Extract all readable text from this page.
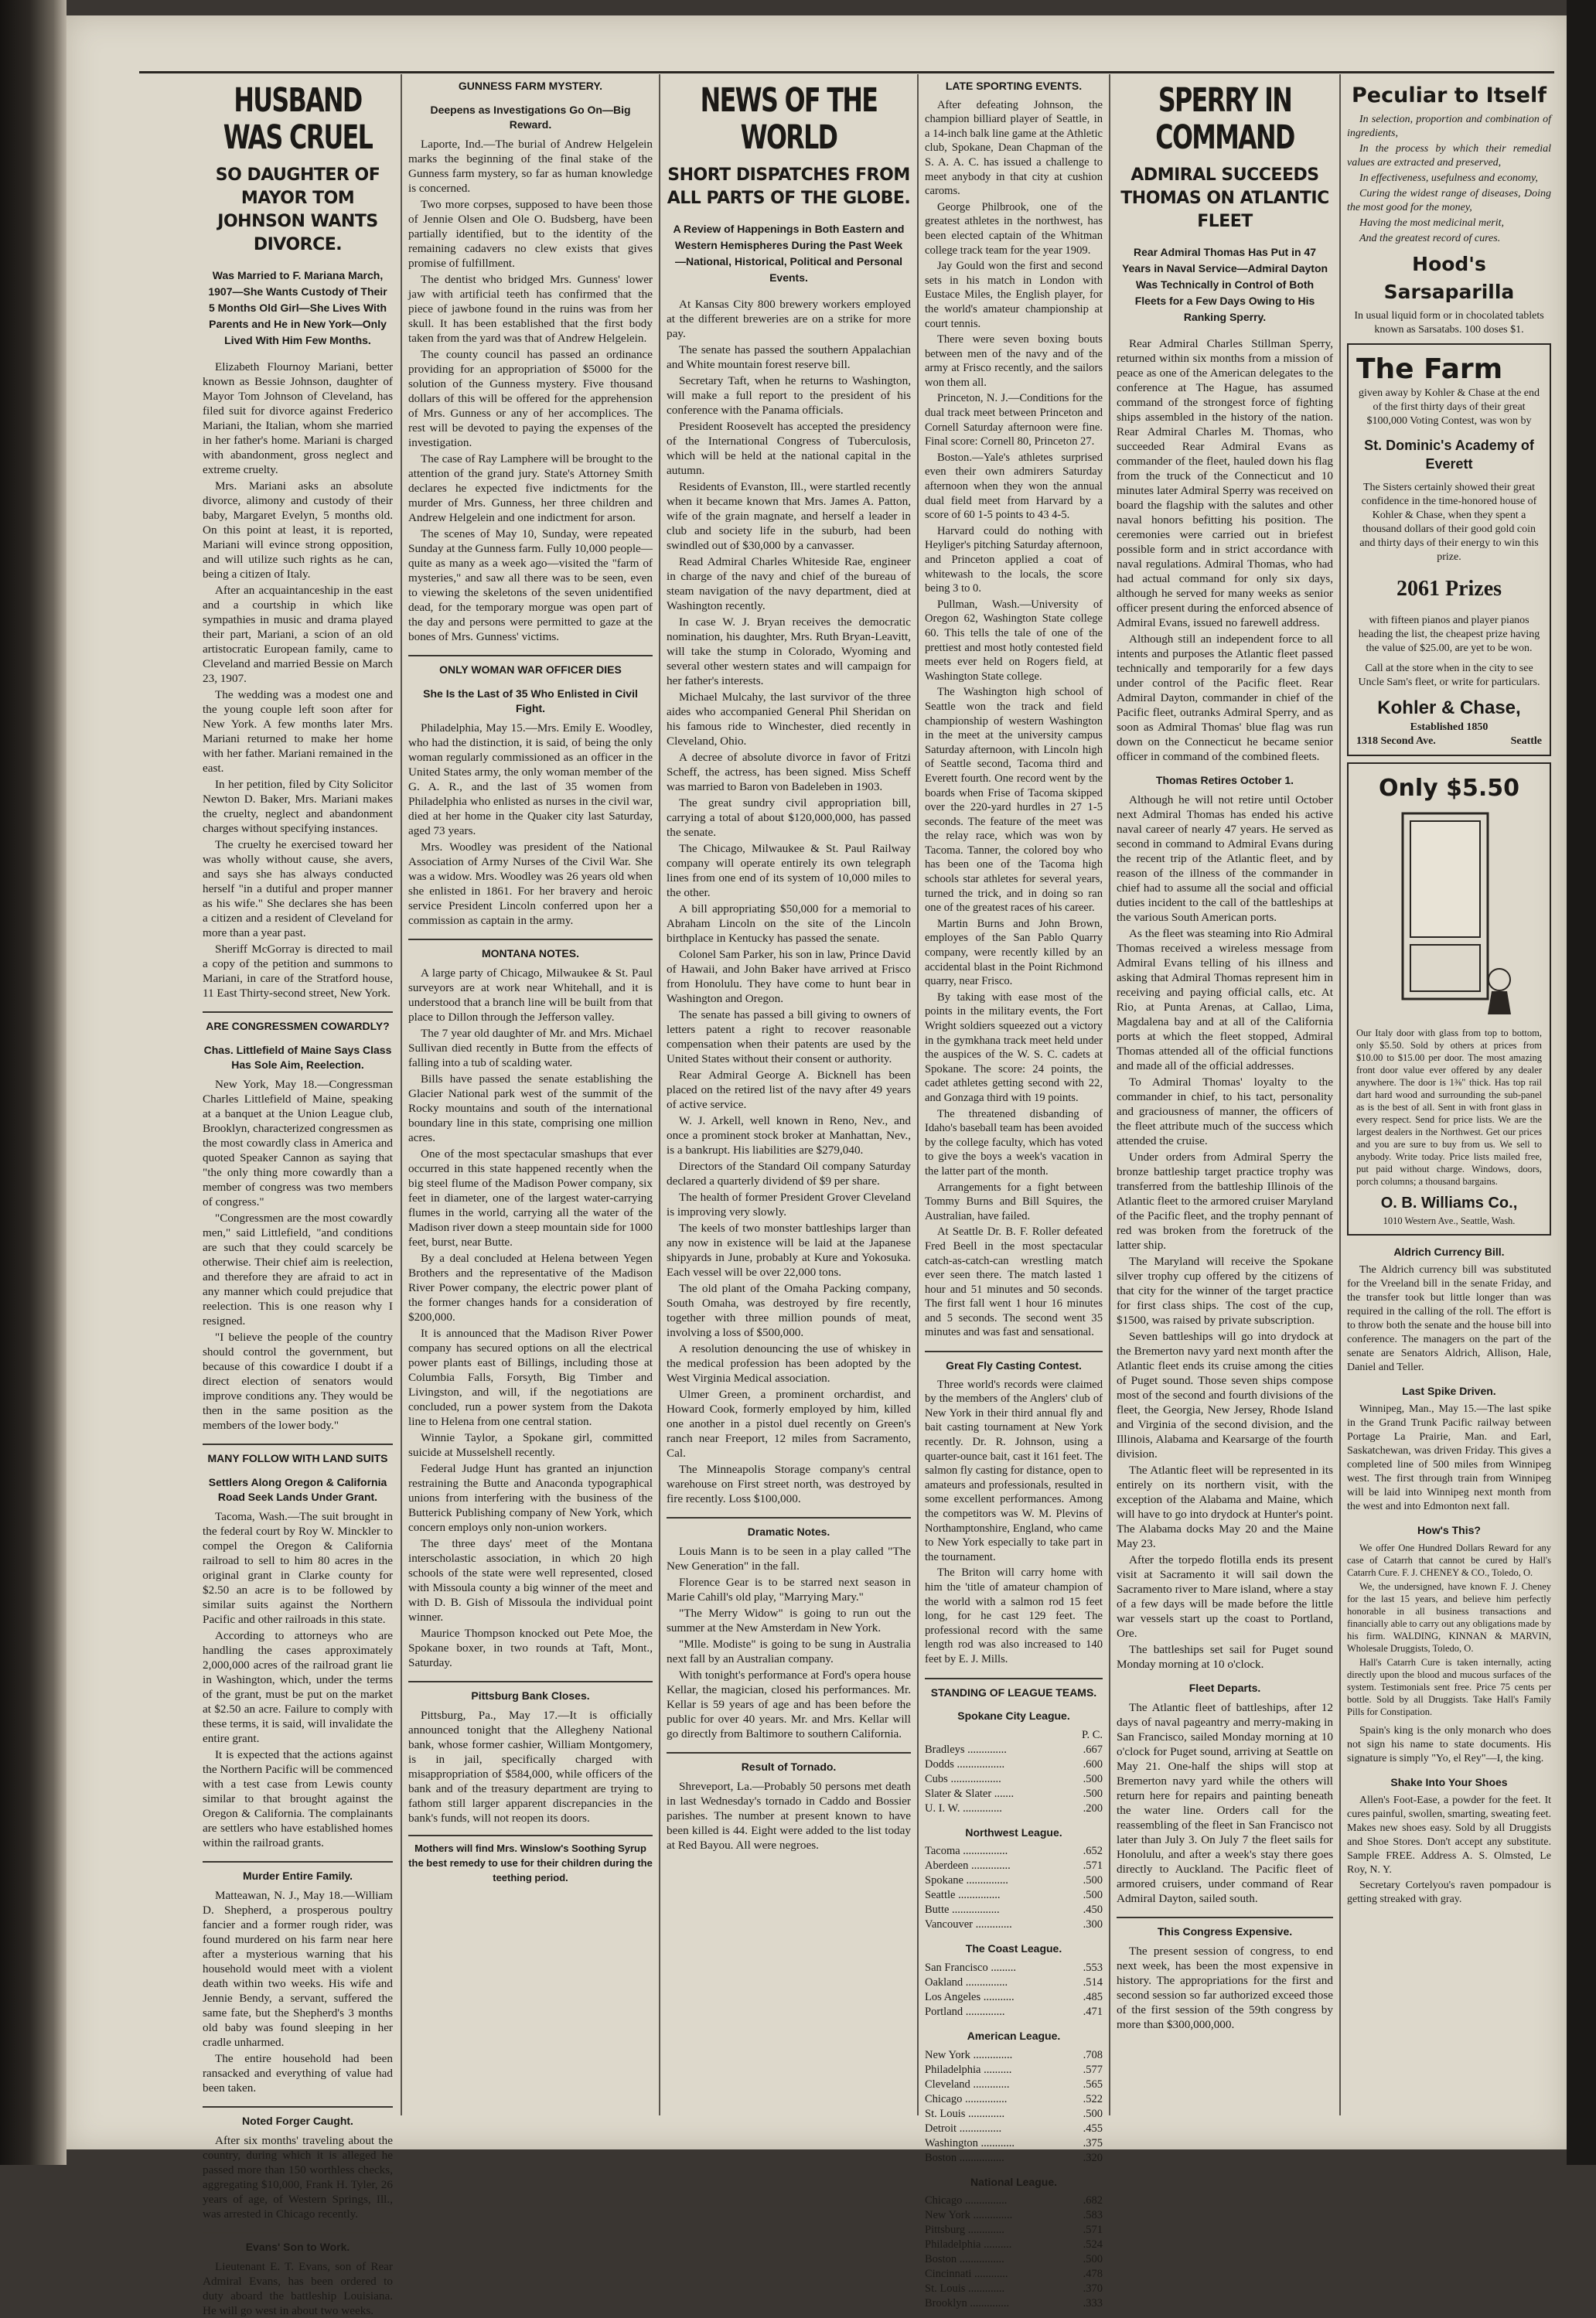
HUSBAND WAS CRUEL
SO DAUGHTER OF MAYOR TOM JOHNSON WANTS DIVORCE.
Was Married to F. Mariana March, 1907—She Wants Custody of Their 5 Months Old Girl—She Lives With Parents and He in New York—Only Lived With Him Few Months.

Elizabeth Flournoy Mariani, better known as Bessie Johnson, daughter of Mayor Tom Johnson of Cleveland, has filed suit for divorce against Frederico Mariani, the Italian, whom she married in her father's home. Mariani is charged with abandonment, gross neglect and extreme cruelty.

Mrs. Mariani asks an absolute divorce, alimony and custody of their baby, Margaret Evelyn, 5 months old. On this point at least, it is reported, Mariani will evince strong opposition, and will utilize such rights as he can, being a citizen of Italy.

After an acquaintanceship in the east and a courtship in which like sympathies in music and drama played their part, Mariani, a scion of an old artistocratic European family, came to Cleveland and married Bessie on March 23, 1907.

The wedding was a modest one and the young couple left soon after for New York. A few months later Mrs. Mariani returned to make her home with her father. Mariani remained in the east.

In her petition, filed by City Solicitor Newton D. Baker, Mrs. Mariani makes the cruelty, neglect and abandonment charges without specifying instances.

The cruelty he exercised toward her was wholly without cause, she avers, and says she has always conducted herself "in a dutiful and proper manner as his wife." She declares she has been a citizen and a resident of Cleveland for more than a year past.

Sheriff McGorray is directed to mail a copy of the petition and summons to Mariani, in care of the Stratford house, 11 East Thirty-second street, New York.

ARE CONGRESSMEN COWARDLY?
Chas. Littlefield of Maine Says Class Has Sole Aim, Reelection.

New York, May 18.—Congressman Charles Littlefield of Maine, speaking at a banquet at the Union League club, Brooklyn, characterized congressmen as the most cowardly class in America and quoted Speaker Cannon as saying that "the only thing more cowardly than a member of congress was two members of congress."

"Congressmen are the most cowardly men," said Littlefield, "and conditions are such that they could scarcely be otherwise. Their chief aim is reelection, and therefore they are afraid to act in any manner which could prejudice that reelection. This is one reason why I resigned.

"I believe the people of the country should control the government, but because of this cowardice I doubt if a direct election of senators would improve conditions any. They would be then in the same position as the members of the lower body."

MANY FOLLOW WITH LAND SUITS
Settlers Along Oregon & California Road Seek Lands Under Grant.

Tacoma, Wash.—The suit brought in the federal court by Roy W. Minckler to compel the Oregon & California railroad to sell to him 80 acres in the original grant in Clarke county for $2.50 an acre is to be followed by similar suits against the Northern Pacific and other railroads in this state.

According to attorneys who are handling the cases approximately 2,000,000 acres of the railroad grant lie in Washington, which, under the terms of the grant, must be put on the market at $2.50 an acre. Failure to comply with these terms, it is said, will invalidate the entire grant.

It is expected that the actions against the Northern Pacific will be commenced with a test case from Lewis county similar to that brought against the Oregon & California. The complainants are settlers who have established homes within the railroad grants.

Murder Entire Family.

Matteawan, N. J., May 18.—William D. Shepherd, a prosperous poultry fancier and a former rough rider, was found murdered on his farm near here after a mysterious warning that his household would meet with a violent death within two weeks. His wife and Jennie Bendy, a servant, suffered the same fate, but the Shepherd's 3 months old baby was found sleeping in her cradle unharmed.

The entire household had been ransacked and everything of value had been taken.

Noted Forger Caught.

After six months' traveling about the country, during which it is alleged he passed more than 150 worthless checks, aggregating $10,000, Frank H. Tyler, 26 years of age, of Western Springs, Ill., was arrested in Chicago recently.

Evans' Son to Work.

Lieutenant E. T. Evans, son of Rear Admiral Evans, has been ordered to duty aboard the battleship Louisiana. He will go west in about two weeks.

GUNNESS FARM MYSTERY.
Deepens as Investigations Go On—Big Reward.

Laporte, Ind.—The burial of Andrew Helgelein marks the beginning of the final stake of the Gunness farm mystery, so far as human knowledge is concerned.

Two more corpses, supposed to have been those of Jennie Olsen and Ole O. Budsberg, have been partially identified, but to the identity of the remaining cadavers no clew exists that gives promise of fulfillment.

The dentist who bridged Mrs. Gunness' lower jaw with artificial teeth has confirmed that the piece of jawbone found in the ruins was from her skull. It has been established that the first body taken from the yard was that of Andrew Helgelein.

The county council has passed an ordinance providing for an appropriation of $5000 for the solution of the Gunness mystery. Five thousand dollars of this will be offered for the apprehension of Mrs. Gunness or any of her accomplices. The rest will be devoted to paying the expenses of the investigation.

The case of Ray Lamphere will be brought to the attention of the grand jury. State's Attorney Smith declares he expected five indictments for the murder of Mrs. Gunness, her three children and Andrew Helgelein and one indictment for arson.

The scenes of May 10, Sunday, were repeated Sunday at the Gunness farm. Fully 10,000 people—quite as many as a week ago—visited the "farm of mysteries," and saw all there was to be seen, even to viewing the skeletons of the seven unidentified dead, for the temporary morgue was open part of the day and persons were permitted to gaze at the bones of Mrs. Gunness' victims.

ONLY WOMAN WAR OFFICER DIES
She Is the Last of 35 Who Enlisted in Civil Fight.

Philadelphia, May 15.—Mrs. Emily E. Woodley, who had the distinction, it is said, of being the only woman regularly commissioned as an officer in the United States army, the only woman member of the G. A. R., and the last of 35 women from Philadelphia who enlisted as nurses in the civil war, died at her home in the Quaker city last Saturday, aged 73 years.

Mrs. Woodley was president of the National Association of Army Nurses of the Civil War. She was a widow. Mrs. Woodley was 26 years old when she enlisted in 1861. For her bravery and heroic service President Lincoln conferred upon her a commission as captain in the army.

MONTANA NOTES.

A large party of Chicago, Milwaukee & St. Paul surveyors are at work near Whitehall, and it is understood that a branch line will be built from that place to Dillon through the Jefferson valley.

The 7 year old daughter of Mr. and Mrs. Michael Sullivan died recently in Butte from the effects of falling into a tub of scalding water.

Bills have passed the senate establishing the Glacier National park west of the summit of the Rocky mountains and south of the international boundary line in this state, comprising one million acres.

One of the most spectacular smashups that ever occurred in this state happened recently when the big steel flume of the Madison Power company, six feet in diameter, one of the largest water-carrying flumes in the world, carrying all the water of the Madison river down a steep mountain side for 1000 feet, burst, near Butte.

By a deal concluded at Helena between Yegen Brothers and the representative of the Madison River Power company, the electric power plant of the former changes hands for a consideration of $200,000.

It is announced that the Madison River Power company has secured options on all the electrical power plants east of Billings, including those at Columbia Falls, Forsyth, Big Timber and Livingston, and will, if the negotiations are concluded, run a power system from the Dakota line to Helena from one central station.

Winnie Taylor, a Spokane girl, committed suicide at Musselshell recently.

Federal Judge Hunt has granted an injunction restraining the Butte and Anaconda typographical unions from interfering with the business of the Butterick Publishing company of New York, which concern employs only non-union workers.

The three days' meet of the Montana interscholastic association, in which 20 high schools of the state were well represented, closed with Missoula county a big winner of the meet and with D. B. Gish of Missoula the individual point winner.

Maurice Thompson knocked out Pete Moe, the Spokane boxer, in two rounds at Taft, Mont., Saturday.

Pittsburg Bank Closes.

Pittsburg, Pa., May 17.—It is officially announced tonight that the Allegheny National bank, whose former cashier, William Montgomery, is in jail, specifically charged with misappropriation of $584,000, while officers of the bank and of the treasury department are trying to fathom still larger apparent discrepancies in the bank's funds, will not reopen its doors.

Mothers will find Mrs. Winslow's Soothing Syrup the best remedy to use for their children during the teething period.
NEWS OF THE WORLD
SHORT DISPATCHES FROM ALL PARTS OF THE GLOBE.
A Review of Happenings in Both Eastern and Western Hemispheres During the Past Week—National, Historical, Political and Personal Events.

At Kansas City 800 brewery workers employed at the different breweries are on a strike for more pay.

The senate has passed the southern Appalachian and White mountain forest reserve bill.

Secretary Taft, when he returns to Washington, will make a full report to the president of his conference with the Panama officials.

President Roosevelt has accepted the presidency of the International Congress of Tuberculosis, which will be held at the national capital in the autumn.

Residents of Evanston, Ill., were startled recently when it became known that Mrs. James A. Patton, wife of the grain magnate, and herself a leader in club and society life in the suburb, had been swindled out of $30,000 by a canvasser.

Read Admiral Charles Whiteside Rae, engineer in charge of the navy and chief of the bureau of steam navigation of the navy department, died at Washington recently.

In case W. J. Bryan receives the democratic nomination, his daughter, Mrs. Ruth Bryan-Leavitt, will take the stump in Colorado, Wyoming and several other western states and will campaign for her father's interests.

Michael Mulcahy, the last survivor of the three aides who accompanied General Phil Sheridan on his famous ride to Winchester, died recently in Cleveland, Ohio.

A decree of absolute divorce in favor of Fritzi Scheff, the actress, has been signed. Miss Scheff was married to Baron von Badeleben in 1903.

The great sundry civil appropriation bill, carrying a total of about $120,000,000, has passed the senate.

The Chicago, Milwaukee & St. Paul Railway company will operate entirely its own telegraph lines from one end of its system of 10,000 miles to the other.

A bill appropriating $50,000 for a memorial to Abraham Lincoln on the site of the Lincoln birthplace in Kentucky has passed the senate.

Colonel Sam Parker, his son in law, Prince David of Hawaii, and John Baker have arrived at Frisco from Honolulu. They have come to hunt bear in Washington and Oregon.

The senate has passed a bill giving to owners of letters patent a right to recover reasonable compensation when their patents are used by the United States without their consent or authority.

Rear Admiral George A. Bicknell has been placed on the retired list of the navy after 49 years of active service.

W. J. Arkell, well known in Reno, Nev., and once a prominent stock broker at Manhattan, Nev., is a bankrupt. His liabilities are $279,040.

Directors of the Standard Oil company Saturday declared a quarterly dividend of $9 per share.

The health of former President Grover Cleveland is improving very slowly.

The keels of two monster battleships larger than any now in existence will be laid at the Japanese shipyards in June, probably at Kure and Yokosuka. Each vessel will be over 22,000 tons.

The old plant of the Omaha Packing company, South Omaha, was destroyed by fire recently, together with three million pounds of meat, involving a loss of $500,000.

A resolution denouncing the use of whiskey in the medical profession has been adopted by the West Virginia Medical association.

Ulmer Green, a prominent orchardist, and Howard Cook, formerly employed by him, killed one another in a pistol duel recently on Green's ranch near Freeport, 12 miles from Sacramento, Cal.

The Minneapolis Storage company's central warehouse on First street north, was destroyed by fire recently. Loss $100,000.

Dramatic Notes.

Louis Mann is to be seen in a play called "The New Generation" in the fall.

Florence Gear is to be starred next season in Marie Cahill's old play, "Marrying Mary."

"The Merry Widow" is going to run out the summer at the New Amsterdam in New York.

"Mlle. Modiste" is going to be sung in Australia next fall by an Australian company.

With tonight's performance at Ford's opera house Kellar, the magician, closed his performances. Mr. Kellar is 59 years of age and has been before the public for over 40 years. Mr. and Mrs. Kellar will go directly from Baltimore to southern California.

Result of Tornado.

Shreveport, La.—Probably 50 persons met death in last Wednesday's tornado in Caddo and Bossier parishes. The number at present known to have been killed is 44. Eight were added to the list today at Red Bayou. All were negroes.

LATE SPORTING EVENTS.

After defeating Johnson, the champion billiard player of Seattle, in a 14-inch balk line game at the Athletic club, Spokane, Dean Chapman of the S. A. A. C. has issued a challenge to meet anybody in that city at cushion caroms.

George Philbrook, one of the greatest athletes in the northwest, has been elected captain of the Whitman college track team for the year 1909.

Jay Gould won the first and second sets in his match in London with Eustace Miles, the English player, for the world's amateur championship at court tennis.

There were seven boxing bouts between men of the navy and of the army at Frisco recently, and the sailors won them all.

Princeton, N. J.—Conditions for the dual track meet between Princeton and Cornell Saturday afternoon were fine. Final score: Cornell 80, Princeton 27.

Boston.—Yale's athletes surprised even their own admirers Saturday afternoon when they won the annual dual field meet from Harvard by a score of 60 1-5 points to 43 4-5.

Harvard could do nothing with Heyliger's pitching Saturday afternoon, and Princeton applied a coat of whitewash to the locals, the score being 3 to 0.

Pullman, Wash.—University of Oregon 62, Washington State college 60. This tells the tale of one of the prettiest and most hotly contested field meets ever held on Rogers field, at Washington State college.

The Washington high school of Seattle won the track and field championship of western Washington in the meet at the university campus Saturday afternoon, with Lincoln high of Seattle second, Tacoma third and Everett fourth. One record went by the boards when Frise of Tacoma skipped over the 220-yard hurdles in 27 1-5 seconds. The feature of the meet was the relay race, which was won by Tacoma. Tanner, the colored boy who has been one of the Tacoma high schools star athletes for several years, turned the trick, and in doing so ran one of the greatest races of his career.

Martin Burns and John Brown, employes of the San Pablo Quarry company, were recently killed by an accidental blast in the Point Richmond quarry, near Frisco.

By taking with ease most of the points in the military events, the Fort Wright soldiers squeezed out a victory in the gymkhana track meet held under the auspices of the W. S. C. cadets at Spokane. The score: 24 points, the cadet athletes getting second with 22, and Gonzaga third with 19 points.

The threatened disbanding of Idaho's baseball team has been avoided by the college faculty, which has voted to give the boys a week's vacation in the latter part of the month.

Arrangements for a fight between Tommy Burns and Bill Squires, the Australian, have failed.

At Seattle Dr. B. F. Roller defeated Fred Beell in the most spectacular catch-as-catch-can wrestling match ever seen there. The match lasted 1 hour and 51 minutes and 50 seconds. The first fall went 1 hour 16 minutes and 5 seconds. The second went 35 minutes and was fast and sensational.

Great Fly Casting Contest.

Three world's records were claimed by the members of the Anglers' club of New York in their third annual fly and bait casting tournament at New York recently. Dr. R. Johnson, using a quarter-ounce bait, cast it 161 feet. The salmon fly casting for distance, open to amateurs and professionals, resulted in some excellent performances. Among the competitors was W. M. Plevins of Northamptonshire, England, who came to New York especially to take part in the tournament.

The Briton will carry home with him the 'title of amateur champion of the world with a salmon rod 15 feet long, for he cast 129 feet. The professional record with the same length rod was also increased to 140 feet by E. J. Mills.

STANDING OF LEAGUE TEAMS.
Spokane City League.
	P. C.
Bradleys ..............	.667
Dodds .................	.600
Cubs ..................	.500
Slater & Slater .......	.500
U. I. W. ..............	.200
Northwest League.
Tacoma ................	.652
Aberdeen ..............	.571
Spokane ...............	.500
Seattle ...............	.500
Butte .................	.450
Vancouver .............	.300
The Coast League.
San Francisco .........	.553
Oakland ...............	.514
Los Angeles ...........	.485
Portland ..............	.471
American League.
New York ..............	.708
Philadelphia ..........	.577
Cleveland .............	.565
Chicago ...............	.522
St. Louis .............	.500
Detroit ...............	.455
Washington ............	.375
Boston ................	.320
National League.
Chicago ...............	.682
New York ..............	.583
Pittsburg .............	.571
Philadelphia ..........	.524
Boston ................	.500
Cincinnati ............	.478
St. Louis .............	.370
Brooklyn ..............	.333
SPERRY IN COMMAND
ADMIRAL SUCCEEDS THOMAS ON ATLANTIC FLEET
Rear Admiral Thomas Has Put in 47 Years in Naval Service—Admiral Dayton Was Technically in Control of Both Fleets for a Few Days Owing to His Ranking Sperry.

Rear Admiral Charles Stillman Sperry, returned within six months from a mission of peace as one of the American delegates to the conference at The Hague, has assumed command of the strongest force of fighting ships assembled in the history of the nation. Rear Admiral Charles M. Thomas, who succeeded Rear Admiral Evans as commander of the fleet, hauled down his flag from the truck of the Connecticut and 10 minutes later Admiral Sperry was received on board the flagship with the salutes and other naval honors befitting his position. The ceremonies were carried out in briefest possible form and in strict accordance with naval regulations. Admiral Thomas, who had had actual command for only six days, although he served for many weeks as senior officer present during the enforced absence of Admiral Evans, issued no farewell address.

Although still an independent force to all intents and purposes the Atlantic fleet passed technically and temporarily for a few days under control of the Pacific fleet. Rear Admiral Dayton, commander in chief of the Pacific fleet, outranks Admiral Sperry, and as soon as Admiral Thomas' blue flag was run down on the Connecticut he became senior officer in command of the combined fleets.

Thomas Retires October 1.

Although he will not retire until October next Admiral Thomas has ended his active naval career of nearly 47 years. He served as second in command to Admiral Evans during the recent trip of the Atlantic fleet, and by reason of the illness of the commander in chief had to assume all the social and official duties incident to the call of the battleships at the various South American ports.

As the fleet was steaming into Rio Admiral Thomas received a wireless message from Admiral Evans telling of his illness and asking that Admiral Thomas represent him in receiving and paying official calls, etc. At Rio, at Punta Arenas, at Callao, Lima, Magdalena bay and at all of the California ports at which the fleet stopped, Admiral Thomas attended all of the official functions and made all of the official addresses.

To Admiral Thomas' loyalty to the commander in chief, to his tact, personality and graciousness of manner, the officers of the fleet attribute much of the success which attended the cruise.

Under orders from Admiral Sperry the bronze battleship target practice trophy was transferred from the battleship Illinois of the Atlantic fleet to the armored cruiser Maryland of the Pacific fleet, and the trophy pennant of red was broken from the foretruck of the latter ship.

The Maryland will receive the Spokane silver trophy cup offered by the citizens of that city for the winner of the target practice for first class ships. The cost of the cup, $1500, was raised by private subscription.

Seven battleships will go into drydock at the Bremerton navy yard next month after the Atlantic fleet ends its cruise among the cities of Puget sound. Those seven ships compose most of the second and fourth divisions of the fleet, the Georgia, New Jersey, Rhode Island and Virginia of the second division, and the Illinois, Alabama and Kearsarge of the fourth division.

The Atlantic fleet will be represented in its entirely on its northern visit, with the exception of the Alabama and Maine, which will have to go into drydock at Hunter's point. The Alabama docks May 20 and the Maine May 23.

After the torpedo flotilla ends its present visit at Sacramento it will sail down the Sacramento river to Mare island, where a stay of a few days will be made before the little war vessels start up the coast to Portland, Ore.

The battleships set sail for Puget sound Monday morning at 10 o'clock.

Fleet Departs.

The Atlantic fleet of battleships, after 12 days of naval pageantry and merry-making in San Francisco, sailed Monday morning at 10 o'clock for Puget sound, arriving at Seattle on May 21. One-half the ships will stop at Bremerton navy yard while the others will return here for repairs and painting beneath the water line. Orders call for the reassembling of the fleet in San Francisco not later than July 3. On July 7 the fleet sails for Honolulu, and after a week's stay there goes directly to Auckland. The Pacific fleet of armored cruisers, under command of Rear Admiral Dayton, sailed south.

This Congress Expensive.

The present session of congress, to end next week, has been the most expensive in history. The appropriations for the first and second session so far authorized exceed those of the first session of the 59th congress by more than $300,000,000.

Peculiar to Itself

In selection, proportion and combination of ingredients,

In the process by which their remedial values are extracted and preserved,

In effectiveness, usefulness and economy,

Curing the widest range of diseases, Doing the most good for the money,

Having the most medicinal merit,

And the greatest record of cures.

Hood's Sarsaparilla
In usual liquid form or in chocolated tablets known as Sarsatabs. 100 doses $1.
The Farm
given away by Kohler & Chase at the end of the first thirty days of their great $100,000 Voting Contest, was won by
St. Dominic's Academy of Everett
The Sisters certainly showed their great confidence in the time-honored house of Kohler & Chase, when they spent a thousand dollars of their good gold coin and thirty days of their energy to win this prize.
2061 Prizes
with fifteen pianos and player pianos heading the list, the cheapest prize having the value of $25.00, are yet to be won.
Call at the store when in the city to see Uncle Sam's fleet, or write for particulars.
Kohler & Chase,
Established 1850
1318 Second Ave.	Seattle
Only $5.50
Our Italy door with glass from top to bottom, only $5.50. Sold by others at prices from $10.00 to $15.00 per door. The most amazing front door value ever offered by any dealer anywhere. The door is 1⅜" thick. Has top rail dart hard wood and surrounding the sub-panel as is the best of all. Sent in with front glass in every respect. Send for price lists. We are the largest dealers in the Northwest. Get our prices and you are sure to buy from us. We sell to anybody. Write today. Price lists mailed free, put paid without charge. Windows, doors, porch columns; a thousand bargains.
O. B. Williams Co.,
1010 Western Ave., Seattle, Wash.
Aldrich Currency Bill.

The Aldrich currency bill was substituted for the Vreeland bill in the senate Friday, and the transfer took but little longer than was required in the calling of the roll. The effort is to throw both the senate and the house bill into conference. The managers on the part of the senate are Senators Aldrich, Allison, Hale, Daniel and Teller.

Last Spike Driven.

Winnipeg, Man., May 15.—The last spike in the Grand Trunk Pacific railway between Portage La Prairie, Man. and Earl, Saskatchewan, was driven Friday. This gives a completed line of 500 miles from Winnipeg west. The first through train from Winnipeg will be laid into Winnipeg next month from the west and into Edmonton next fall.

How's This?

We offer One Hundred Dollars Reward for any case of Catarrh that cannot be cured by Hall's Catarrh Cure. F. J. CHENEY & CO., Toledo, O.

We, the undersigned, have known F. J. Cheney for the last 15 years, and believe him perfectly honorable in all business transactions and financially able to carry out any obligations made by his firm. WALDING, KINNAN & MARVIN, Wholesale Druggists, Toledo, O.

Hall's Catarrh Cure is taken internally, acting directly upon the blood and mucous surfaces of the system. Testimonials sent free. Price 75 cents per bottle. Sold by all Druggists. Take Hall's Family Pills for Constipation.

Spain's king is the only monarch who does not sign his name to state documents. His signature is simply "Yo, el Rey"—I, the king.

Shake Into Your Shoes

Allen's Foot-Ease, a powder for the feet. It cures painful, swollen, smarting, sweating feet. Makes new shoes easy. Sold by all Druggists and Shoe Stores. Don't accept any substitute. Sample FREE. Address A. S. Olmsted, Le Roy, N. Y.

Secretary Cortelyou's raven pompadour is getting streaked with gray.
